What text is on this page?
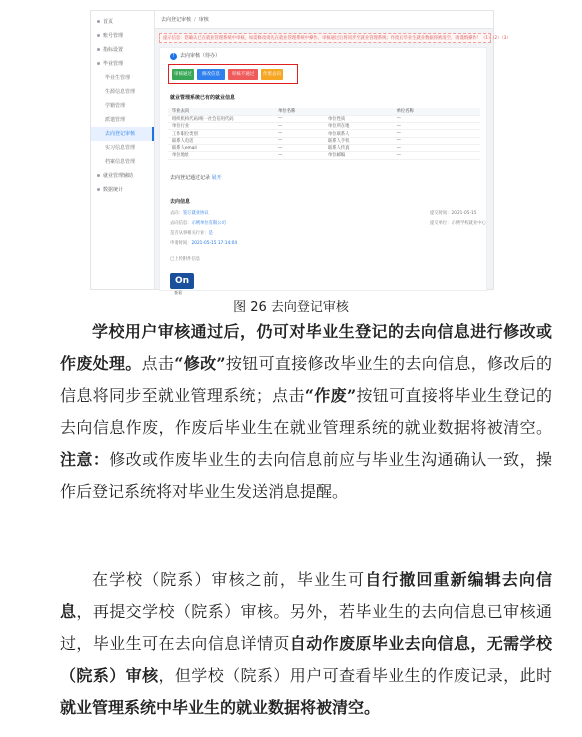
首页
账号管理
指标设置
毕业管理
毕业生管理
生源信息管理
学籍管理
派遣管理
去向登记审核
实习信息管理
档案信息管理
就业管理辅助
数据统计
去向登记审核 / 审核
提示信息：您确认已在就业管理系统中审核，如需修改请先在就业管理系统中操作。审核通过后将同步至就业管理系统；作废后毕业生就业数据将被清空，请谨慎操作！（1）（2）（3）
! 去向审核（待办）
审核通过	修改信息	审核不通过	作废去向
就业管理系统已有的就业信息
毕业去向	单位名称		单位名称
组织机构代码/统一社会信用代码	—	单位性质	—
单位行业	—	单位所在地	—
工作职位类别	—	单位联系人	—
联系人电话	—	联系人手机	—
联系人email	—	联系人传真	—
单位地址	—	单位邮编	—
去向登记通过记录 展开
去向信息
已上传附件信息
On
查看
去向：签订就业协议
去向信息：示例单位有限公司
是否从事相关行业：是
申请时间：2021-05-15 17:14:04
提交时间：2021-05-15
提交单位：示例学校就业中心
图 26 去向登记审核

学校用户审核通过后，仍可对毕业生登记的去向信息进行修改或作废处理。点击“修改”按钮可直接修改毕业生的去向信息，修改后的信息将同步至就业管理系统；点击“作废”按钮可直接将毕业生登记的去向信息作废，作废后毕业生在就业管理系统的就业数据将被清空。注意：修改或作废毕业生的去向信息前应与毕业生沟通确认一致，操作后登记系统将对毕业生发送消息提醒。

在学校（院系）审核之前，毕业生可自行撤回重新编辑去向信息，再提交学校（院系）审核。另外，若毕业生的去向信息已审核通过，毕业生可在去向信息详情页自动作废原毕业去向信息，无需学校（院系）审核，但学校（院系）用户可查看毕业生的作废记录，此时就业管理系统中毕业生的就业数据将被清空。
